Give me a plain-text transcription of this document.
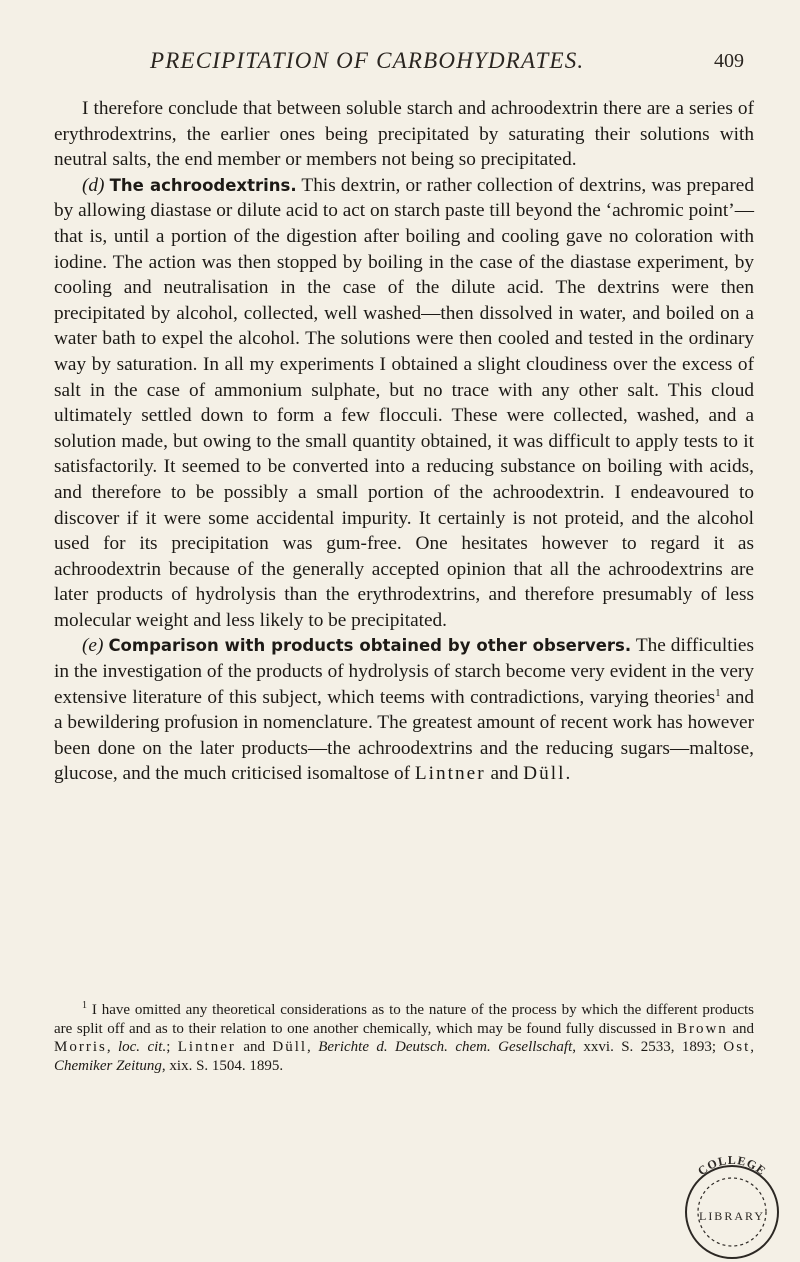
PRECIPITATION OF CARBOHYDRATES.	409

I therefore conclude that between soluble starch and achroodextrin there are a series of erythrodextrins, the earlier ones being precipitated by saturating their solutions with neutral salts, the end member or members not being so precipitated.

(d) The achroodextrins. This dextrin, or rather collection of dextrins, was prepared by allowing diastase or dilute acid to act on starch paste till beyond the ‘achromic point’—that is, until a portion of the digestion after boiling and cooling gave no coloration with iodine. The action was then stopped by boiling in the case of the diastase experiment, by cooling and neutralisation in the case of the dilute acid. The dextrins were then precipitated by alcohol, collected, well washed—then dissolved in water, and boiled on a water bath to expel the alcohol. The solutions were then cooled and tested in the ordinary way by saturation. In all my experiments I obtained a slight cloudiness over the excess of salt in the case of ammonium sulphate, but no trace with any other salt. This cloud ultimately settled down to form a few flocculi. These were collected, washed, and a solution made, but owing to the small quantity obtained, it was difficult to apply tests to it satisfactorily. It seemed to be converted into a reducing substance on boiling with acids, and therefore to be possibly a small portion of the achroodextrin. I endeavoured to discover if it were some accidental impurity. It certainly is not proteid, and the alcohol used for its precipitation was gum-free. One hesitates however to regard it as achroodextrin because of the generally accepted opinion that all the achroodextrins are later products of hydrolysis than the erythrodextrins, and therefore presumably of less molecular weight and less likely to be precipitated.

(e) Comparison with products obtained by other observers. The difficulties in the investigation of the products of hydrolysis of starch become very evident in the very extensive literature of this subject, which teems with contradictions, varying theories$^1$ and a bewildering profusion in nomenclature. The greatest amount of recent work has however been done on the later products—the achroodextrins and the reducing sugars—maltose, glucose, and the much criticised isomaltose of Lintner and Düll.

$^1$ I have omitted any theoretical considerations as to the nature of the process by which the different products are split off and as to their relation to one another chemically, which may be found fully discussed in Brown and Morris, loc. cit.; Lintner and Düll, Berichte d. Deutsch. chem. Gesellschaft, xxvi. S. 2533, 1893; Ost, Chemiker Zeitung, xix. S. 1504. 1895.

COLLEGE
LIBRARY
